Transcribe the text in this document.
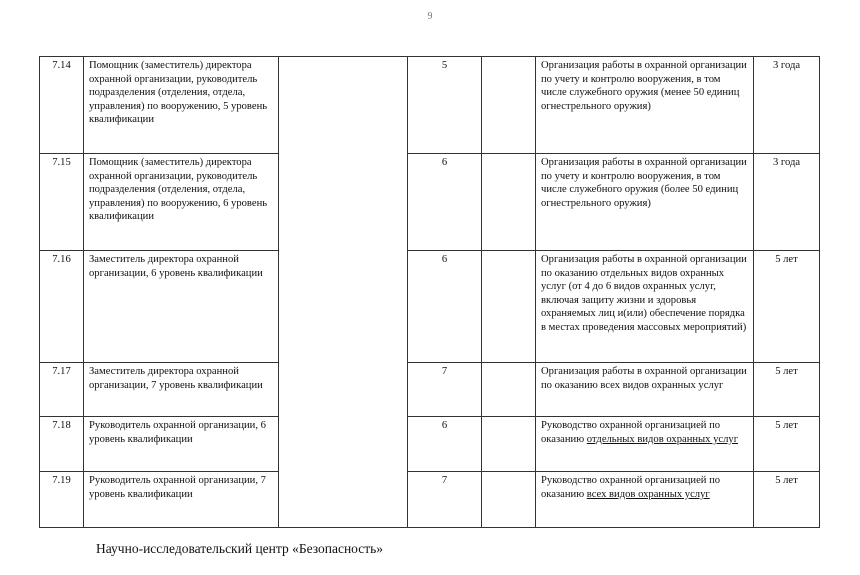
9
7.14	Помощник (заместитель) директора охранной организации, руководитель подразделения (отделения, отдела, управления) по вооружению, 5 уровень квалификации		5		Организация работы в охранной организации по учету и контролю вооружения, в том числе служебного оружия (менее 50 единиц огнестрельного оружия)	3 года
7.15	Помощник (заместитель) директора охранной организации, руководитель подразделения (отделения, отдела, управления) по вооружению, 6 уровень квалификации		6		Организация работы в охранной организации по учету и контролю вооружения, в том числе служебного оружия (более 50 единиц огнестрельного оружия)	3 года
7.16	Заместитель директора охранной организации, 6 уровень квалификации		6		Организация работы в охранной организации по оказанию отдельных видов охранных услуг (от 4 до 6 видов охранных услуг, включая защиту жизни и здоровья охраняемых лиц и(или) обеспечение порядка в местах проведения массовых мероприятий)	5 лет
7.17	Заместитель директора охранной организации, 7 уровень квалификации		7		Организация работы в охранной организации по оказанию всех видов охранных услуг	5 лет
7.18	Руководитель охранной организации, 6 уровень квалификации		6		Руководство охранной организацией по оказанию отдельных видов охранных услуг	5 лет
7.19	Руководитель охранной организации, 7 уровень квалификации		7		Руководство охранной организацией по оказанию всех видов охранных услуг	5 лет
Научно-исследовательский центр «Безопасность»
